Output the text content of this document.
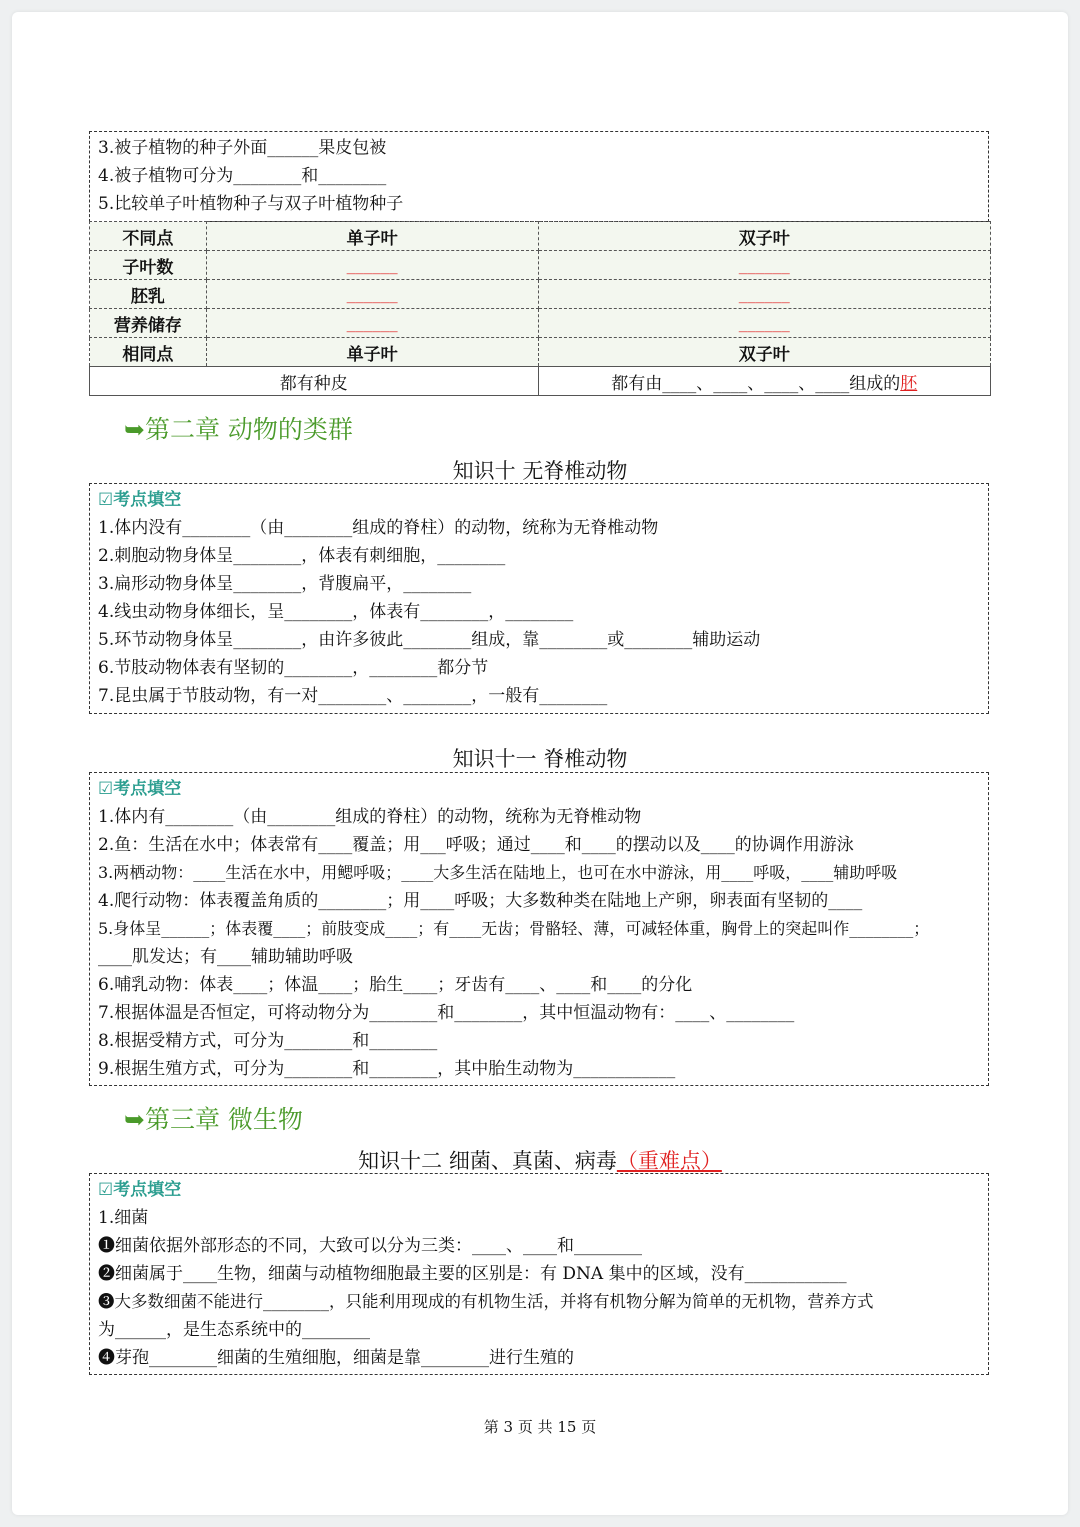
3.被子植物的种子外面______果皮包被
4.被子植物可分为________和________
5.比较单子叶植物种子与双子叶植物种子
不同点	单子叶	双子叶
子叶数	______	______
胚乳	______	______
营养储存	______	______
相同点	单子叶	双子叶
都有种皮		都有由____、____、____、____组成的胚
➥第二章 动物的类群
知识十 无脊椎动物
☑考点填空
1.体内没有________（由________组成的脊柱）的动物，统称为无脊椎动物
2.刺胞动物身体呈________，体表有刺细胞，________
3.扁形动物身体呈________，背腹扁平，________
4.线虫动物身体细长，呈________，体表有________，________
5.环节动物身体呈________，由许多彼此________组成，靠________或________辅助运动
6.节肢动物体表有坚韧的________，________都分节
7.昆虫属于节肢动物，有一对________、________，一般有________
知识十一 脊椎动物
☑考点填空
1.体内有________（由________组成的脊柱）的动物，统称为无脊椎动物
2.鱼：生活在水中；体表常有____覆盖；用___呼吸；通过____和____的摆动以及____的协调作用游泳
3.两栖动物：____生活在水中，用鳃呼吸；____大多生活在陆地上，也可在水中游泳，用____呼吸，____辅助呼吸
4.爬行动物：体表覆盖角质的________；用____呼吸；大多数种类在陆地上产卵，卵表面有坚韧的____
5.身体呈______；体表覆____；前肢变成____；有____无齿；骨骼轻、薄，可减轻体重，胸骨上的突起叫作________；
____肌发达；有____辅助辅助呼吸
6.哺乳动物：体表____；体温____；胎生____；牙齿有____、____和____的分化
7.根据体温是否恒定，可将动物分为________和________，其中恒温动物有：____、________
8.根据受精方式，可分为________和________
9.根据生殖方式，可分为________和________，其中胎生动物为____________
➥第三章 微生物
知识十二 细菌、真菌、病毒（重难点）
☑考点填空
1.细菌
❶细菌依据外部形态的不同，大致可以分为三类：____、____和________
❷细菌属于____生物，细菌与动植物细胞最主要的区别是：有 DNA 集中的区域，没有____________
❸大多数细菌不能进行________，只能利用现成的有机物生活，并将有机物分解为简单的无机物，营养方式
为______，是生态系统中的________
❹芽孢________细菌的生殖细胞，细菌是靠________进行生殖的
第 3 页 共 15 页
